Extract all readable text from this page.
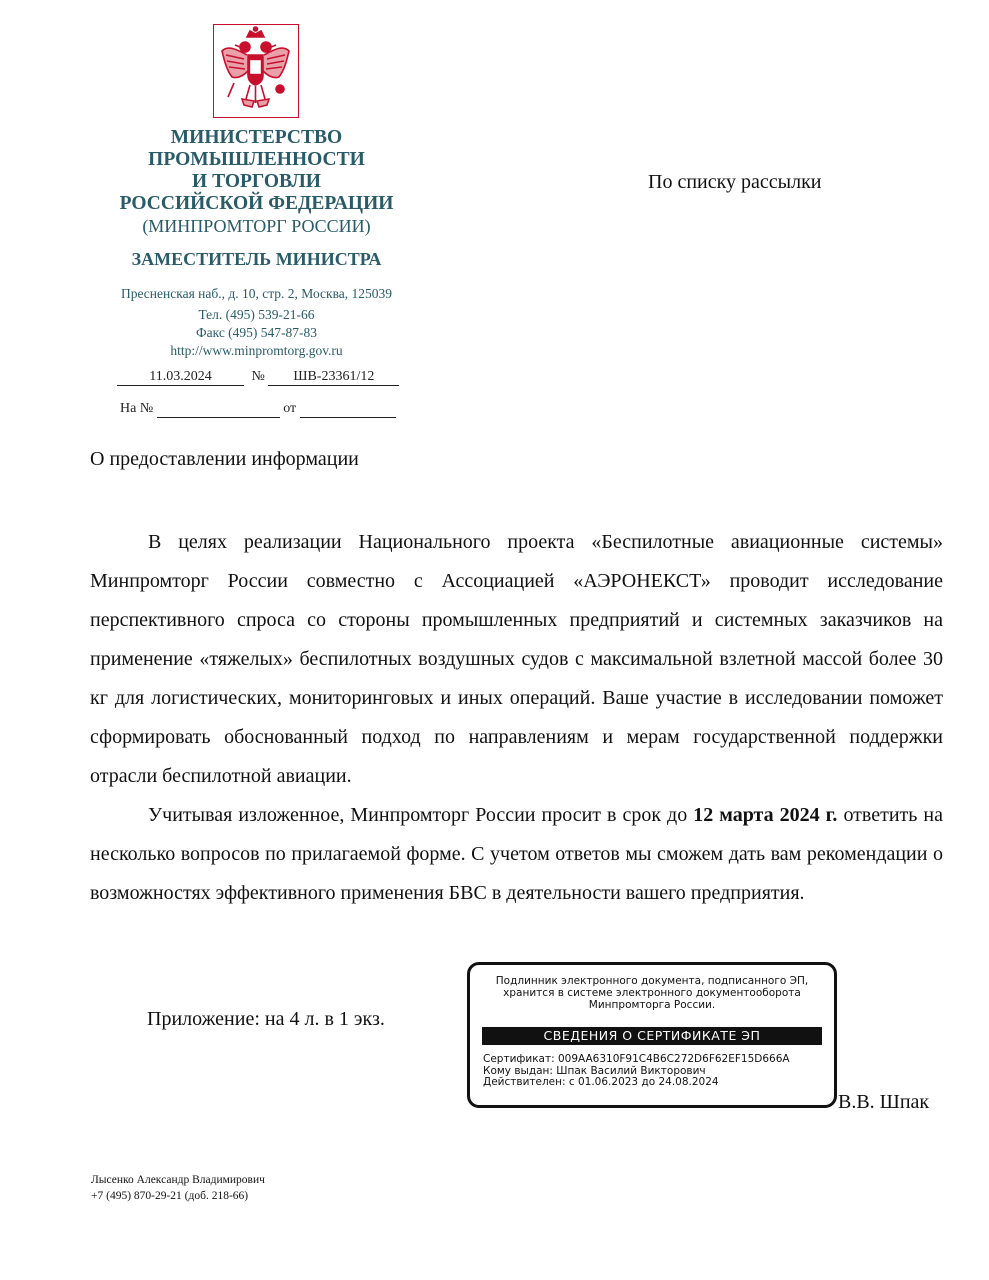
МИНИСТЕРСТВО
ПРОМЫШЛЕННОСТИ
И ТОРГОВЛИ
РОССИЙСКОЙ ФЕДЕРАЦИИ
(МИНПРОМТОРГ РОССИИ)
ЗАМЕСТИТЕЛЬ МИНИСТРА
Пресненская наб., д. 10, стр. 2, Москва, 125039
Тел. (495) 539-21-66
Факс (495) 547-87-83
http://www.minpromtorg.gov.ru
11.03.2024	№ ШВ-23361/12
На №	от
По списку рассылки
О предоставлении информации

В целях реализации Национального проекта «Беспилотные авиационные системы» Минпромторг России совместно с Ассоциацией «АЭРОНЕКСТ» проводит исследование перспективного спроса со стороны промышленных предприятий и системных заказчиков на применение «тяжелых» беспилотных воздушных судов с максимальной взлетной массой более 30 кг для логистических, мониторинговых и иных операций. Ваше участие в исследовании поможет сформировать обоснованный подход по направлениям и мерам государственной поддержки отрасли беспилотной авиации.

Учитывая изложенное, Минпромторг России просит в срок до 12 марта 2024 г. ответить на несколько вопросов по прилагаемой форме. С учетом ответов мы сможем дать вам рекомендации о возможностях эффективного применения БВС в деятельности вашего предприятия.

Приложение: на 4 л. в 1 экз.
Подлинник электронного документа, подписанного ЭП,
хранится в системе электронного документооборота
Минпромторга России.
СВЕДЕНИЯ О СЕРТИФИКАТЕ ЭП
Сертификат: 009AA6310F91C4B6C272D6F62EF15D666A
Кому выдан: Шпак Василий Викторович
Действителен: с 01.06.2023 до 24.08.2024
В.В. Шпак
Лысенко Александр Владимирович
+7 (495) 870-29-21 (доб. 218-66)
